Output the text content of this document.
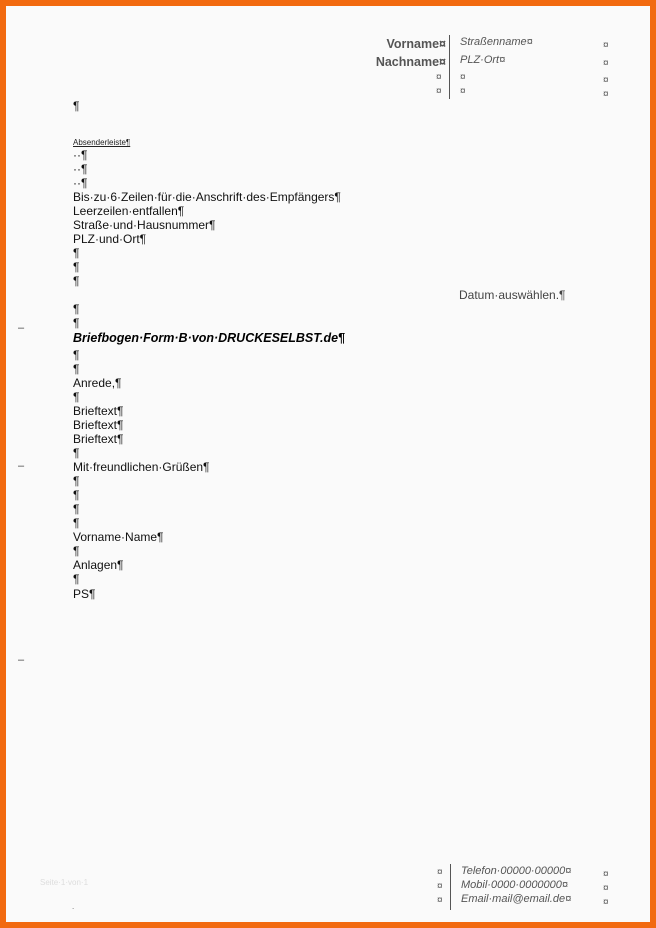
Vorname¤
Nachname¤
¤
¤
Straßenname¤
PLZ·Ort¤
¤
¤
¤
¤
¤
¤
¶
Absenderleiste¶
··¶
··¶
··¶
Bis·zu·6·Zeilen·für·die·Anschrift·des·Empfängers¶
Leerzeilen·entfallen¶
Straße·und·Hausnummer¶
PLZ·und·Ort¶
¶
¶
¶
Datum·auswählen.¶
¶
¶
Briefbogen·Form·B·von·DRUCKESELBST.de¶
¶
¶
Anrede,¶
¶
Brieftext¶
Brieftext¶
Brieftext¶
¶
Mit·freundlichen·Grüßen¶
¶
¶
¶
¶
Vorname·Name¶
¶
Anlagen¶
¶
PS¶
–
–
–
Seite·1·von·1
.
¤
¤
¤
Telefon·00000·00000¤
Mobil·0000·0000000¤
Email·mail@email.de¤
¤
¤
¤
